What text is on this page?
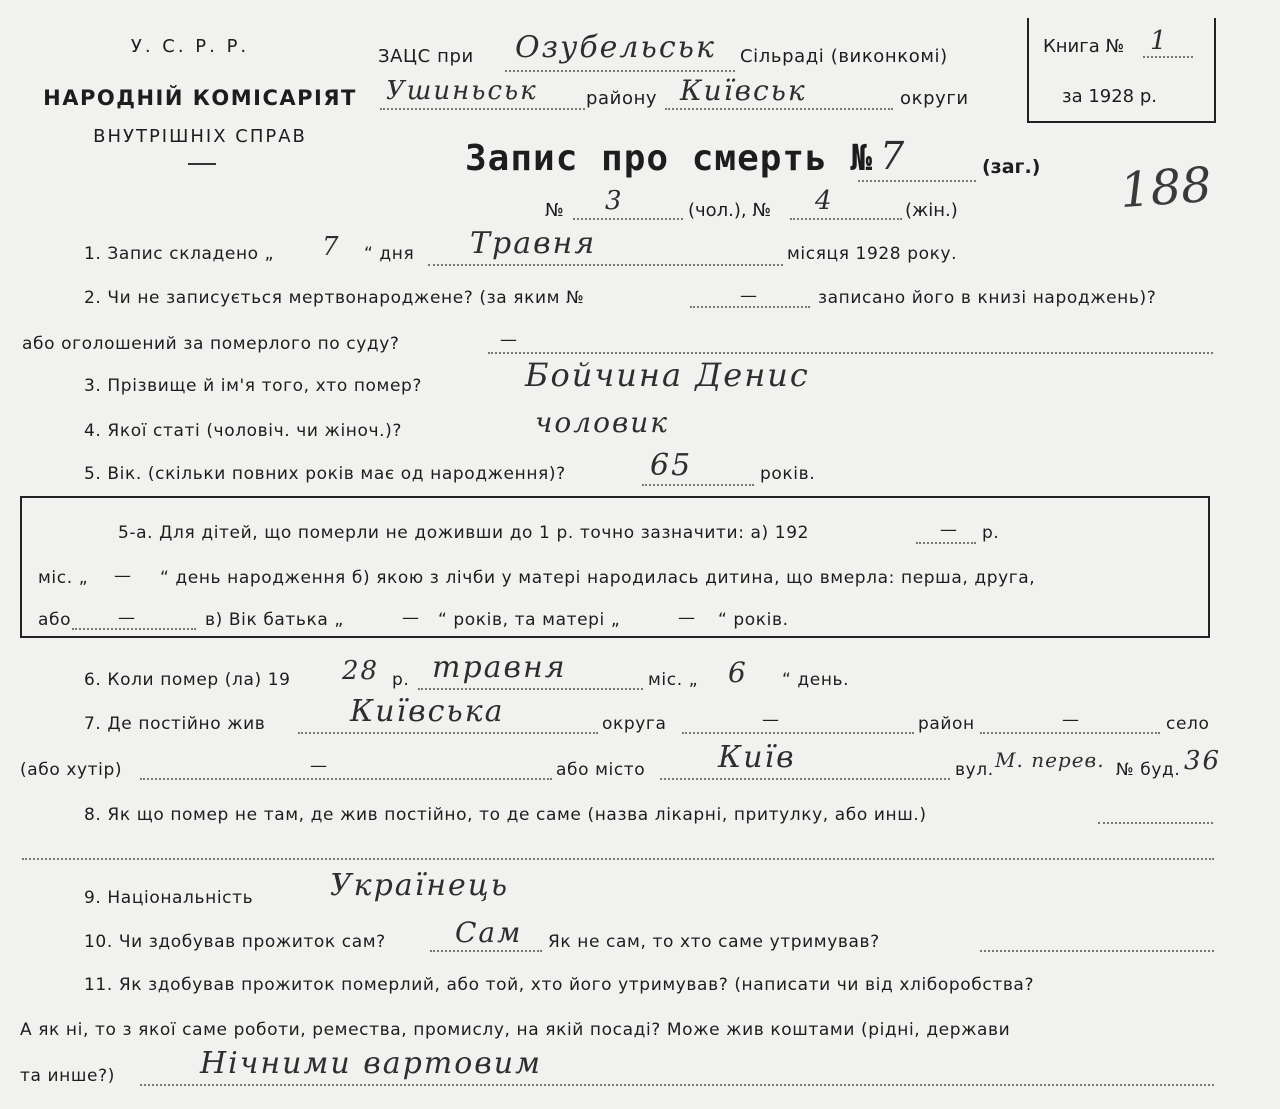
У. С. Р. Р.
НАРОДНІЙ КОМІСАРІЯТ
ВНУТРІШНІХ СПРАВ
ЗАЦС при Озубельськ Сільраді (виконкомі)
Ушиньськ	району Київськ	округи
Книга № 1
за 1928 р.
Запис про смерть № 7	(заг.) 188
№ 3	(чол.), № 4	(жін.)
1. Запис складено „ 7 “ дня Травня	місяця 1928 року.
2. Чи не записується мертвонароджене? (за яким №	—	записано його в книзі народжень)?
або оголошений за померлого по суду?	—
3. Прізвище й ім'я того, хто помер?	Бойчина Дениc
4. Якої статі (чоловіч. чи жіноч.)?	чоловик
5. Вік. (скільки повних років має од народження)?	65	років.
5-а. Для дітей, що померли не доживши до 1 р. точно зазначити: а) 192	— р.
міс. „ — “ день народження б) якою з лічби у матері народилась дитина, що вмерла: перша, друга,
або	—	в) Вік батька „	— “ років, та матері „	— “ років.
6. Коли помер (ла) 19 28 р. травня	міс. „ 6 “ день.
7. Де постійно жив	Київська	округа	—	район	—	село
(або хутір)	—	або місто Київ	вул. М. перев. № буд. 36
8. Як що помер не там, де жив постійно, то де саме (назва лікарні, притулку, або инш.)
9. Національність	Українець
10. Чи здобував прожиток сам? Сам Як не сам, то хто саме утримував?
11. Як здобував прожиток померлий, або той, хто його утримував? (написати чи від хліборобства?
А як ні, то з якої саме роботи, ремества, промислу, на якій посаді? Може жив коштами (рідні, держави
та инше?)	Нічними вартовим
